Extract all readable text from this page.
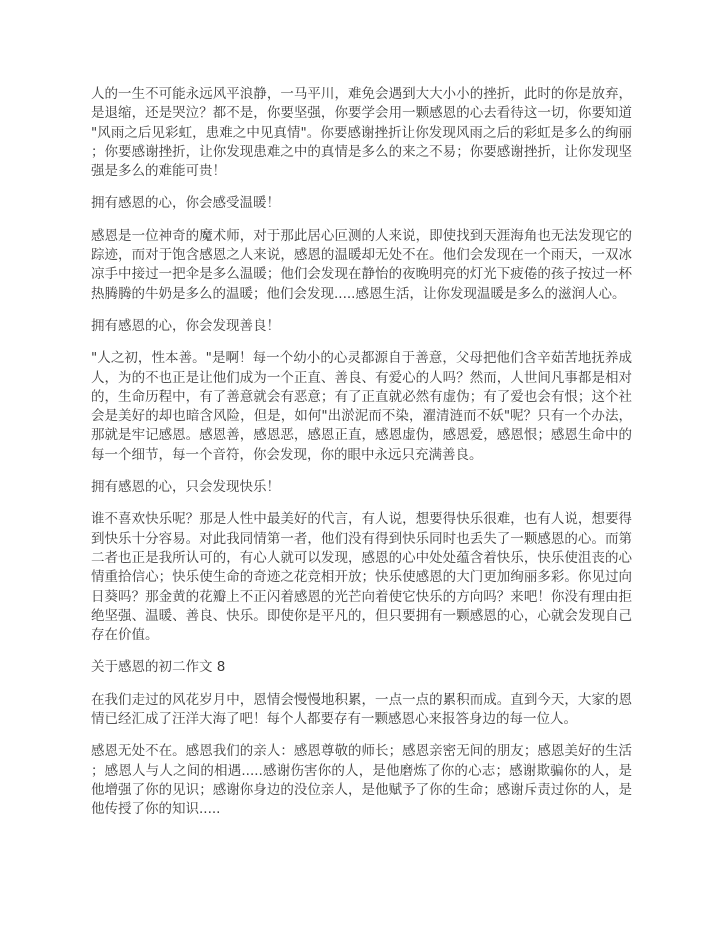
人的一生不可能永远风平浪静，一马平川，难免会遇到大大小小的挫折，此时的你是放弃，是退缩，还是哭泣？都不是，你要坚强，你要学会用一颗感恩的心去看待这一切，你要知道"风雨之后见彩虹，患难之中见真情"。你要感谢挫折让你发现风雨之后的彩虹是多么的绚丽；你要感谢挫折，让你发现患难之中的真情是多么的来之不易；你要感谢挫折，让你发现坚强是多么的难能可贵！

拥有感恩的心，你会感受温暖！

感恩是一位神奇的魔术师，对于那此居心叵测的人来说，即使找到天涯海角也无法发现它的踪迹，而对于饱含感恩之人来说，感恩的温暖却无处不在。他们会发现在一个雨天，一双冰凉手中接过一把伞是多么温暖；他们会发现在静怡的夜晚明亮的灯光下疲倦的孩子按过一杯热腾腾的牛奶是多么的温暖；他们会发现.....感恩生活，让你发现温暖是多么的滋润人心。

拥有感恩的心，你会发现善良！

"人之初，性本善。"是啊！每一个幼小的心灵都源自于善意，父母把他们含辛茹苦地抚养成人，为的不也正是让他们成为一个正直、善良、有爱心的人吗？然而，人世间凡事都是相对的，生命历程中，有了善意就会有恶意；有了正直就必然有虚伪；有了爱也会有恨；这个社会是美好的却也暗含风险，但是，如何"出淤泥而不染，濯清涟而不妖"呢？只有一个办法，那就是牢记感恩。感恩善，感恩恶，感恩正直，感恩虚伪，感恩爱，感恩恨；感恩生命中的每一个细节，每一个音符，你会发现，你的眼中永远只充满善良。

拥有感恩的心，只会发现快乐！

谁不喜欢快乐呢？那是人性中最美好的代言，有人说，想要得快乐很难，也有人说，想要得到快乐十分容易。对此我同情第一者，他们没有得到快乐同时也丢失了一颗感恩的心。而第二者也正是我所认可的，有心人就可以发现，感恩的心中处处蕴含着快乐，快乐使沮丧的心情重拾信心；快乐使生命的奇迹之花竞相开放；快乐使感恩的大门更加绚丽多彩。你见过向日葵吗？那金黄的花瓣上不正闪着感恩的光芒向着使它快乐的方向吗？来吧！你没有理由拒绝坚强、温暖、善良、快乐。即使你是平凡的，但只要拥有一颗感恩的心，心就会发现自己存在价值。

关于感恩的初二作文 8

在我们走过的风花岁月中，恩情会慢慢地积累，一点一点的累积而成。直到今天，大家的恩情已经汇成了汪洋大海了吧！每个人都要存有一颗感恩心来报答身边的每一位人。

感恩无处不在。感恩我们的亲人：感恩尊敬的师长；感恩亲密无间的朋友；感恩美好的生活；感恩人与人之间的相遇.....感谢伤害你的人，是他磨炼了你的心志；感谢欺骗你的人，是他增强了你的见识；感谢你身边的没位亲人，是他赋予了你的生命；感谢斥责过你的人，是他传授了你的知识.....
